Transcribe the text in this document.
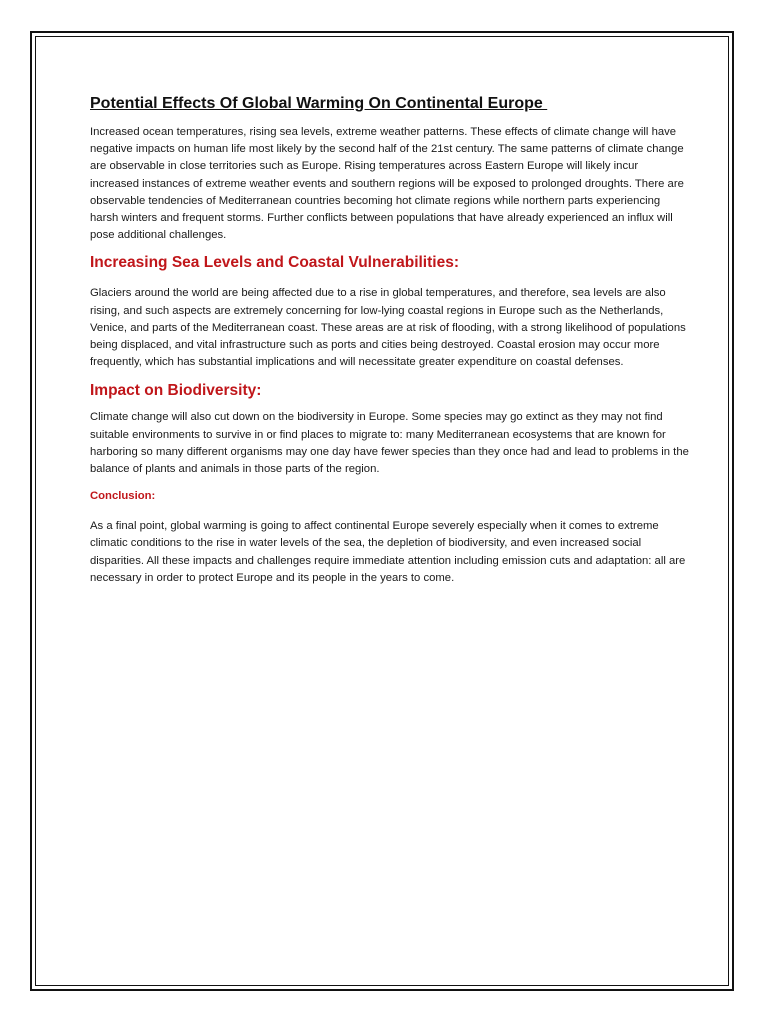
Potential Effects Of Global Warming On Continental Europe

Increased ocean temperatures, rising sea levels, extreme weather patterns. These effects of climate change will have negative impacts on human life most likely by the second half of the 21st century. The same patterns of climate change are observable in close territories such as Europe. Rising temperatures across Eastern Europe will likely incur increased instances of extreme weather events and southern regions will be exposed to prolonged droughts. There are observable tendencies of Mediterranean countries becoming hot climate regions while northern parts experiencing harsh winters and frequent storms. Further conflicts between populations that have already experienced an influx will pose additional challenges.

Increasing Sea Levels and Coastal Vulnerabilities:

Glaciers around the world are being affected due to a rise in global temperatures, and therefore, sea levels are also rising, and such aspects are extremely concerning for low-lying coastal regions in Europe such as the Netherlands, Venice, and parts of the Mediterranean coast. These areas are at risk of flooding, with a strong likelihood of populations being displaced, and vital infrastructure such as ports and cities being destroyed. Coastal erosion may occur more frequently, which has substantial implications and will necessitate greater expenditure on coastal defenses.

Impact on Biodiversity:

Climate change will also cut down on the biodiversity in Europe. Some species may go extinct as they may not find suitable environments to survive in or find places to migrate to: many Mediterranean ecosystems that are known for harboring so many different organisms may one day have fewer species than they once had and lead to problems in the balance of plants and animals in those parts of the region.

Conclusion:

As a final point, global warming is going to affect continental Europe severely especially when it comes to extreme climatic conditions to the rise in water levels of the sea, the depletion of biodiversity, and even increased social disparities. All these impacts and challenges require immediate attention including emission cuts and adaptation: all are necessary in order to protect Europe and its people in the years to come.
